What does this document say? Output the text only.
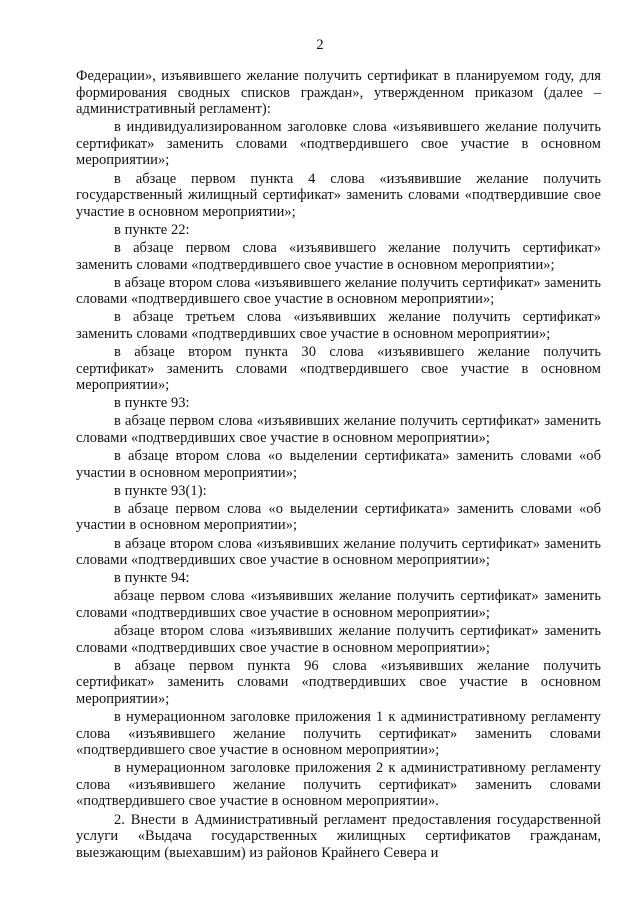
2

Федерации», изъявившего желание получить сертификат в планируемом году, для формирования сводных списков граждан», утвержденном приказом (далее – административный регламент):

в индивидуализированном заголовке слова «изъявившего желание получить сертификат» заменить словами «подтвердившего свое участие в основном мероприятии»;

в абзаце первом пункта 4 слова «изъявившие желание получить государственный жилищный сертификат» заменить словами «подтвердившие свое участие в основном мероприятии»;

в пункте 22:

в абзаце первом слова «изъявившего желание получить сертификат» заменить словами «подтвердившего свое участие в основном мероприятии»;

в абзаце втором слова «изъявившего желание получить сертификат» заменить словами «подтвердившего свое участие в основном мероприятии»;

в абзаце третьем слова «изъявивших желание получить сертификат» заменить словами «подтвердивших свое участие в основном мероприятии»;

в абзаце втором пункта 30 слова «изъявившего желание получить сертификат» заменить словами «подтвердившего свое участие в основном мероприятии»;

в пункте 93:

в абзаце первом слова «изъявивших желание получить сертификат» заменить словами «подтвердивших свое участие в основном мероприятии»;

в абзаце втором слова «о выделении сертификата» заменить словами «об участии в основном мероприятии»;

в пункте 93(1):

в абзаце первом слова «о выделении сертификата» заменить словами «об участии в основном мероприятии»;

в абзаце втором слова «изъявивших желание получить сертификат» заменить словами «подтвердивших свое участие в основном мероприятии»;

в пункте 94:

абзаце первом слова «изъявивших желание получить сертификат» заменить словами «подтвердивших свое участие в основном мероприятии»;

абзаце втором слова «изъявивших желание получить сертификат» заменить словами «подтвердивших свое участие в основном мероприятии»;

в абзаце первом пункта 96 слова «изъявивших желание получить сертификат» заменить словами «подтвердивших свое участие в основном мероприятии»;

в нумерационном заголовке приложения 1 к административному регламенту слова «изъявившего желание получить сертификат» заменить словами «подтвердившего свое участие в основном мероприятии»;

в нумерационном заголовке приложения 2 к административному регламенту слова «изъявившего желание получить сертификат» заменить словами «подтвердившего свое участие в основном мероприятии».

2. Внести в Административный регламент предоставления государственной услуги «Выдача государственных жилищных сертификатов гражданам, выезжающим (выехавшим) из районов Крайнего Севера и
